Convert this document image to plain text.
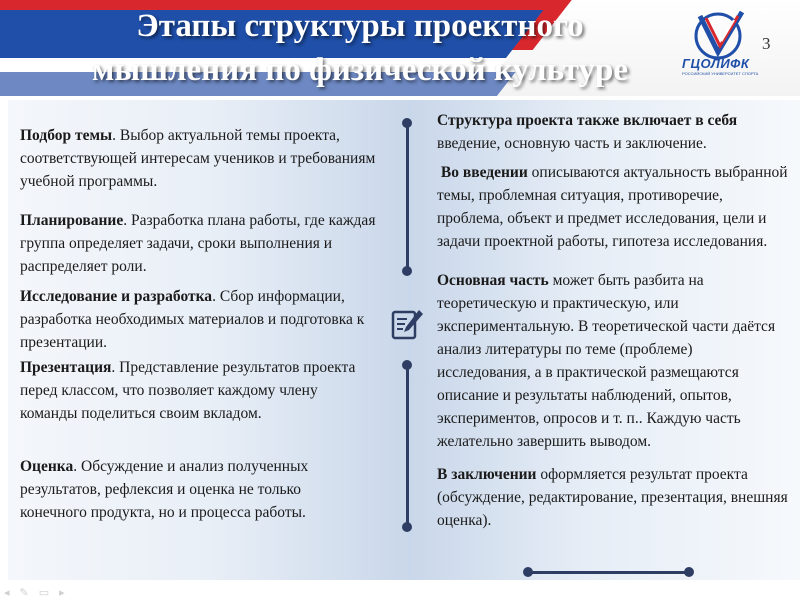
Этапы структуры проектного
мышления по физической культуре	ГЦОЛИФК
РОССИЙСКИЙ УНИВЕРСИТЕТ СПОРТА
3
Подбор темы. Выбор актуальной темы проекта, соответствующей интересам учеников и требованиям учебной программы.
Планирование. Разработка плана работы, где каждая группа определяет задачи, сроки выполнения и распределяет роли.
Исследование и разработка. Сбор информации, разработка необходимых материалов и подготовка к презентации.
Презентация. Представление результатов проекта перед классом, что позволяет каждому члену команды поделиться своим вкладом.
Оценка. Обсуждение и анализ полученных результатов, рефлексия и оценка не только конечного продукта, но и процесса работы.
Структура проекта также включает в себя введение, основную часть и заключение.
Во введении описываются актуальность выбранной темы, проблемная ситуация, противоречие, проблема, объект и предмет исследования, цели и задачи проектной работы, гипотеза исследования.
Основная часть может быть разбита на теоретическую и практическую, или экспериментальную. В теоретической части даётся анализ литературы по теме (проблеме) исследования, а в практической размещаются описание и результаты наблюдений, опытов, экспериментов, опросов и т. п.. Каждую часть желательно завершить выводом.
В заключении оформляется результат проекта (обсуждение, редактирование, презентация, внешняя оценка).
◂ ✎ ▭ ▸
